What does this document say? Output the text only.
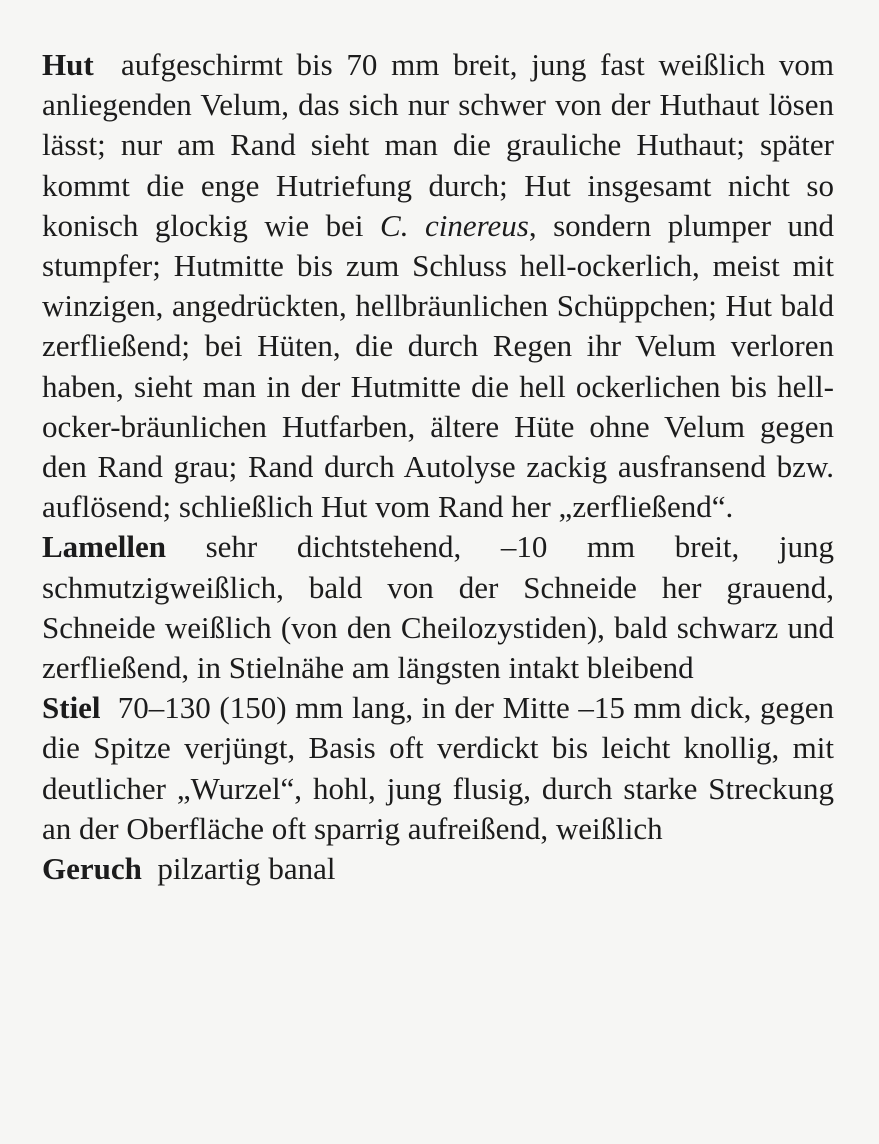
Hut aufgeschirmt bis 70 mm breit, jung fast weißlich vom anliegenden Velum, das sich nur schwer von der Huthaut lösen lässt; nur am Rand sieht man die grauliche Huthaut; später kommt die enge Hutriefung durch; Hut insgesamt nicht so konisch glockig wie bei C. cinereus, sondern plumper und stumpfer; Hutmitte bis zum Schluss hell-ockerlich, meist mit winzigen, angedrückten, hellbräunlichen Schüppchen; Hut bald zerfließend; bei Hüten, die durch Regen ihr Velum verloren haben, sieht man in der Hutmitte die hell ockerlichen bis hell-ocker-bräunlichen Hutfarben, ältere Hüte ohne Velum gegen den Rand grau; Rand durch Autolyse zackig ausfransend bzw. auflösend; schließlich Hut vom Rand her „zerfließend“.

Lamellen sehr dichtstehend, –10 mm breit, jung schmutzigweißlich, bald von der Schneide her grauend, Schneide weißlich (von den Cheilozystiden), bald schwarz und zerfließend, in Stielnähe am längsten intakt bleibend

Stiel 70–130 (150) mm lang, in der Mitte –15 mm dick, gegen die Spitze verjüngt, Basis oft verdickt bis leicht knollig, mit deutlicher „Wurzel“, hohl, jung flusig, durch starke Streckung an der Oberfläche oft sparrig aufreißend, weißlich

Geruch pilzartig banal
